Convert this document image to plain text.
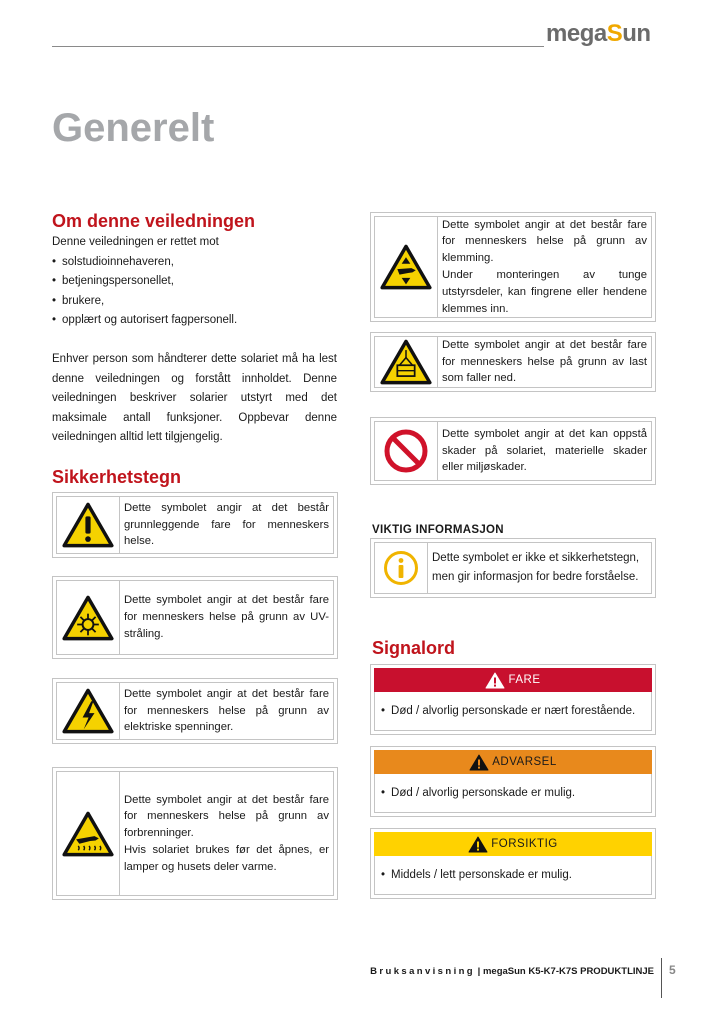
megaSun
Generelt
Om denne veiledningen
Denne veiledningen er rettet mot
• solstudioinnehaveren,
• betjeningspersonellet,
• brukere,
• opplært og autorisert fagpersonell.
Enhver person som håndterer dette solariet må ha lest denne veiledningen og forstått innholdet. Denne veiledningen beskriver solarier utstyrt med det maksimale antall funksjoner. Oppbevar denne veiledningen alltid lett tilgjengelig.
Sikkerhetstegn
Dette symbolet angir at det består grunnleggende fare for menneskers helse.
Dette symbolet angir at det består fare for menneskers helse på grunn av UV-stråling.
Dette symbolet angir at det består fare for menneskers helse på grunn av elektriske spenninger.
Dette symbolet angir at det består fare for menneskers helse på grunn av forbrenninger.
Hvis solariet brukes før det åpnes, er lamper og husets deler varme.
Dette symbolet angir at det består fare for menneskers helse på grunn av klemming.
Under monteringen av tunge utstyrsdeler, kan fingrene eller hendene klemmes inn.
Dette symbolet angir at det består fare for menneskers helse på grunn av last som faller ned.
Dette symbolet angir at det kan oppstå skader på solariet, materielle skader eller miljøskader.
VIKTIG INFORMASJON
Dette symbolet er ikke et sikkerhetstegn, men gir informasjon for bedre forståelse.
Signalord
FARE
• Død / alvorlig personskade er nært forestående.
ADVARSEL
• Død / alvorlig personskade er mulig.
FORSIKTIG
• Middels / lett personskade er mulig.
Bruksanvisning | megaSun K5-K7-K7S PRODUKTLINJE 5
